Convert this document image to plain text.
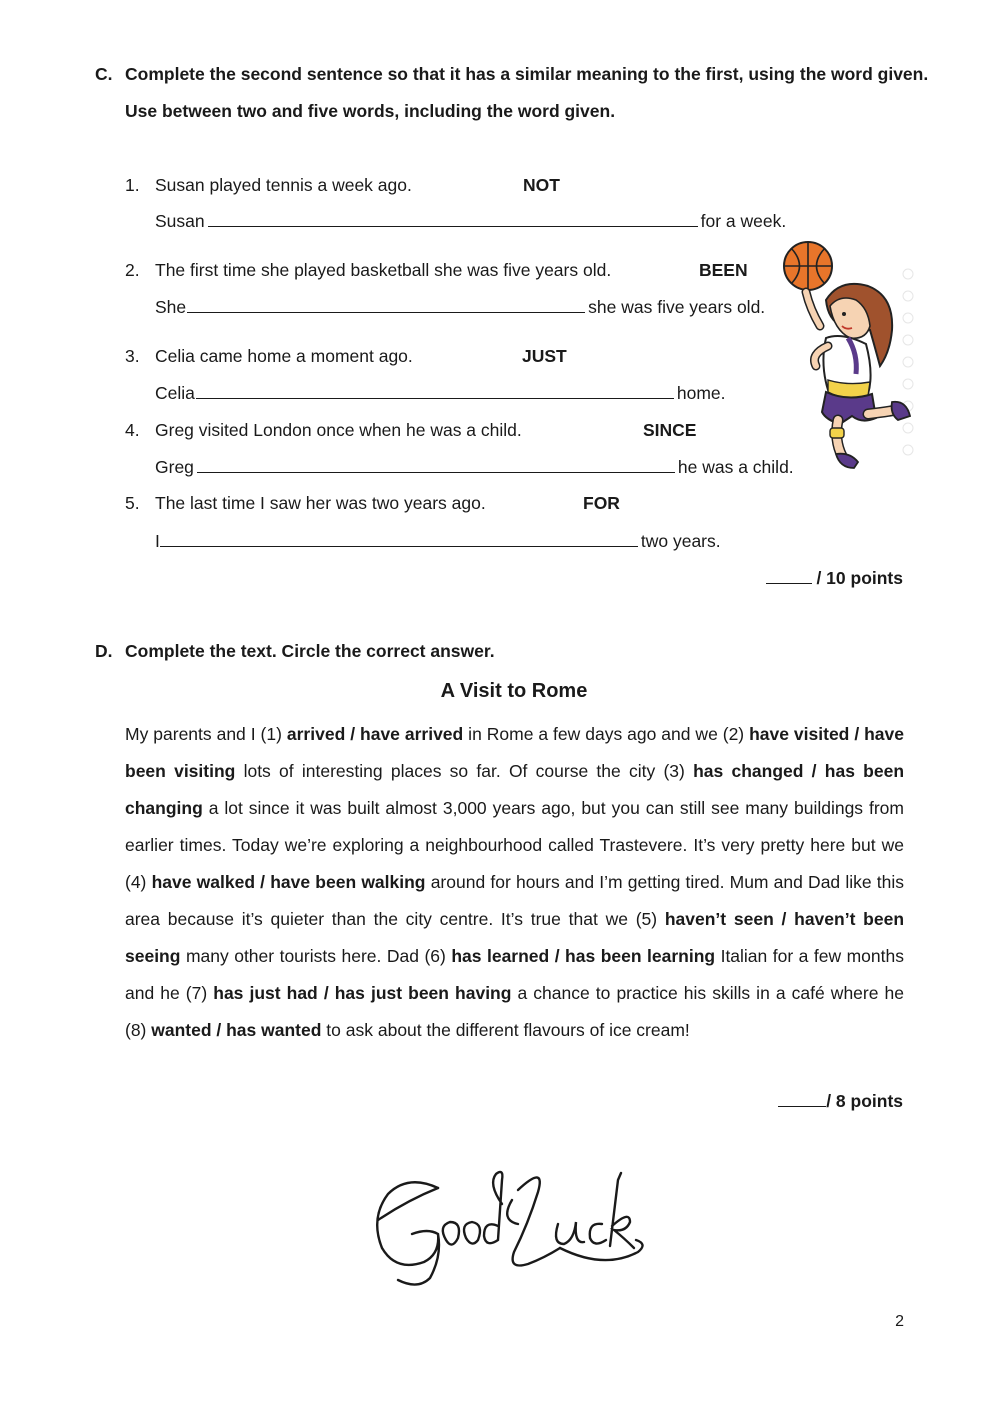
C. Complete the second sentence so that it has a similar meaning to the first, using the word given.
Use between two and five words, including the word given.
1. Susan played tennis a week ago.	NOT
Susan	for a week.
2. The first time she played basketball she was five years old.	BEEN
She	she was five years old.
3. Celia came home a moment ago.	JUST
Celia	home.
4. Greg visited London once when he was a child.	SINCE
Greg	he was a child.
5. The last time I saw her was two years ago.	FOR
I	two years.
/ 10 points
D. Complete the text. Circle the correct answer.
A Visit to Rome
My parents and I (1) arrived / have arrived in Rome a few days ago and we (2) have visited / have been visiting lots of interesting places so far. Of course the city (3) has changed / has been changing a lot since it was built almost 3,000 years ago, but you can still see many buildings from earlier times. Today we’re exploring a neighbourhood called Trastevere. It’s very pretty here but we (4) have walked / have been walking around for hours and I’m getting tired. Mum and Dad like this area because it’s quieter than the city centre. It’s true that we (5) haven’t seen / haven’t been seeing many other tourists here. Dad (6) has learned / has been learning Italian for a few months and he (7) has just had / has just been having a chance to practice his skills in a café where he (8) wanted / has wanted to ask about the different flavours of ice cream!
/ 8 points
Good Luck
2
